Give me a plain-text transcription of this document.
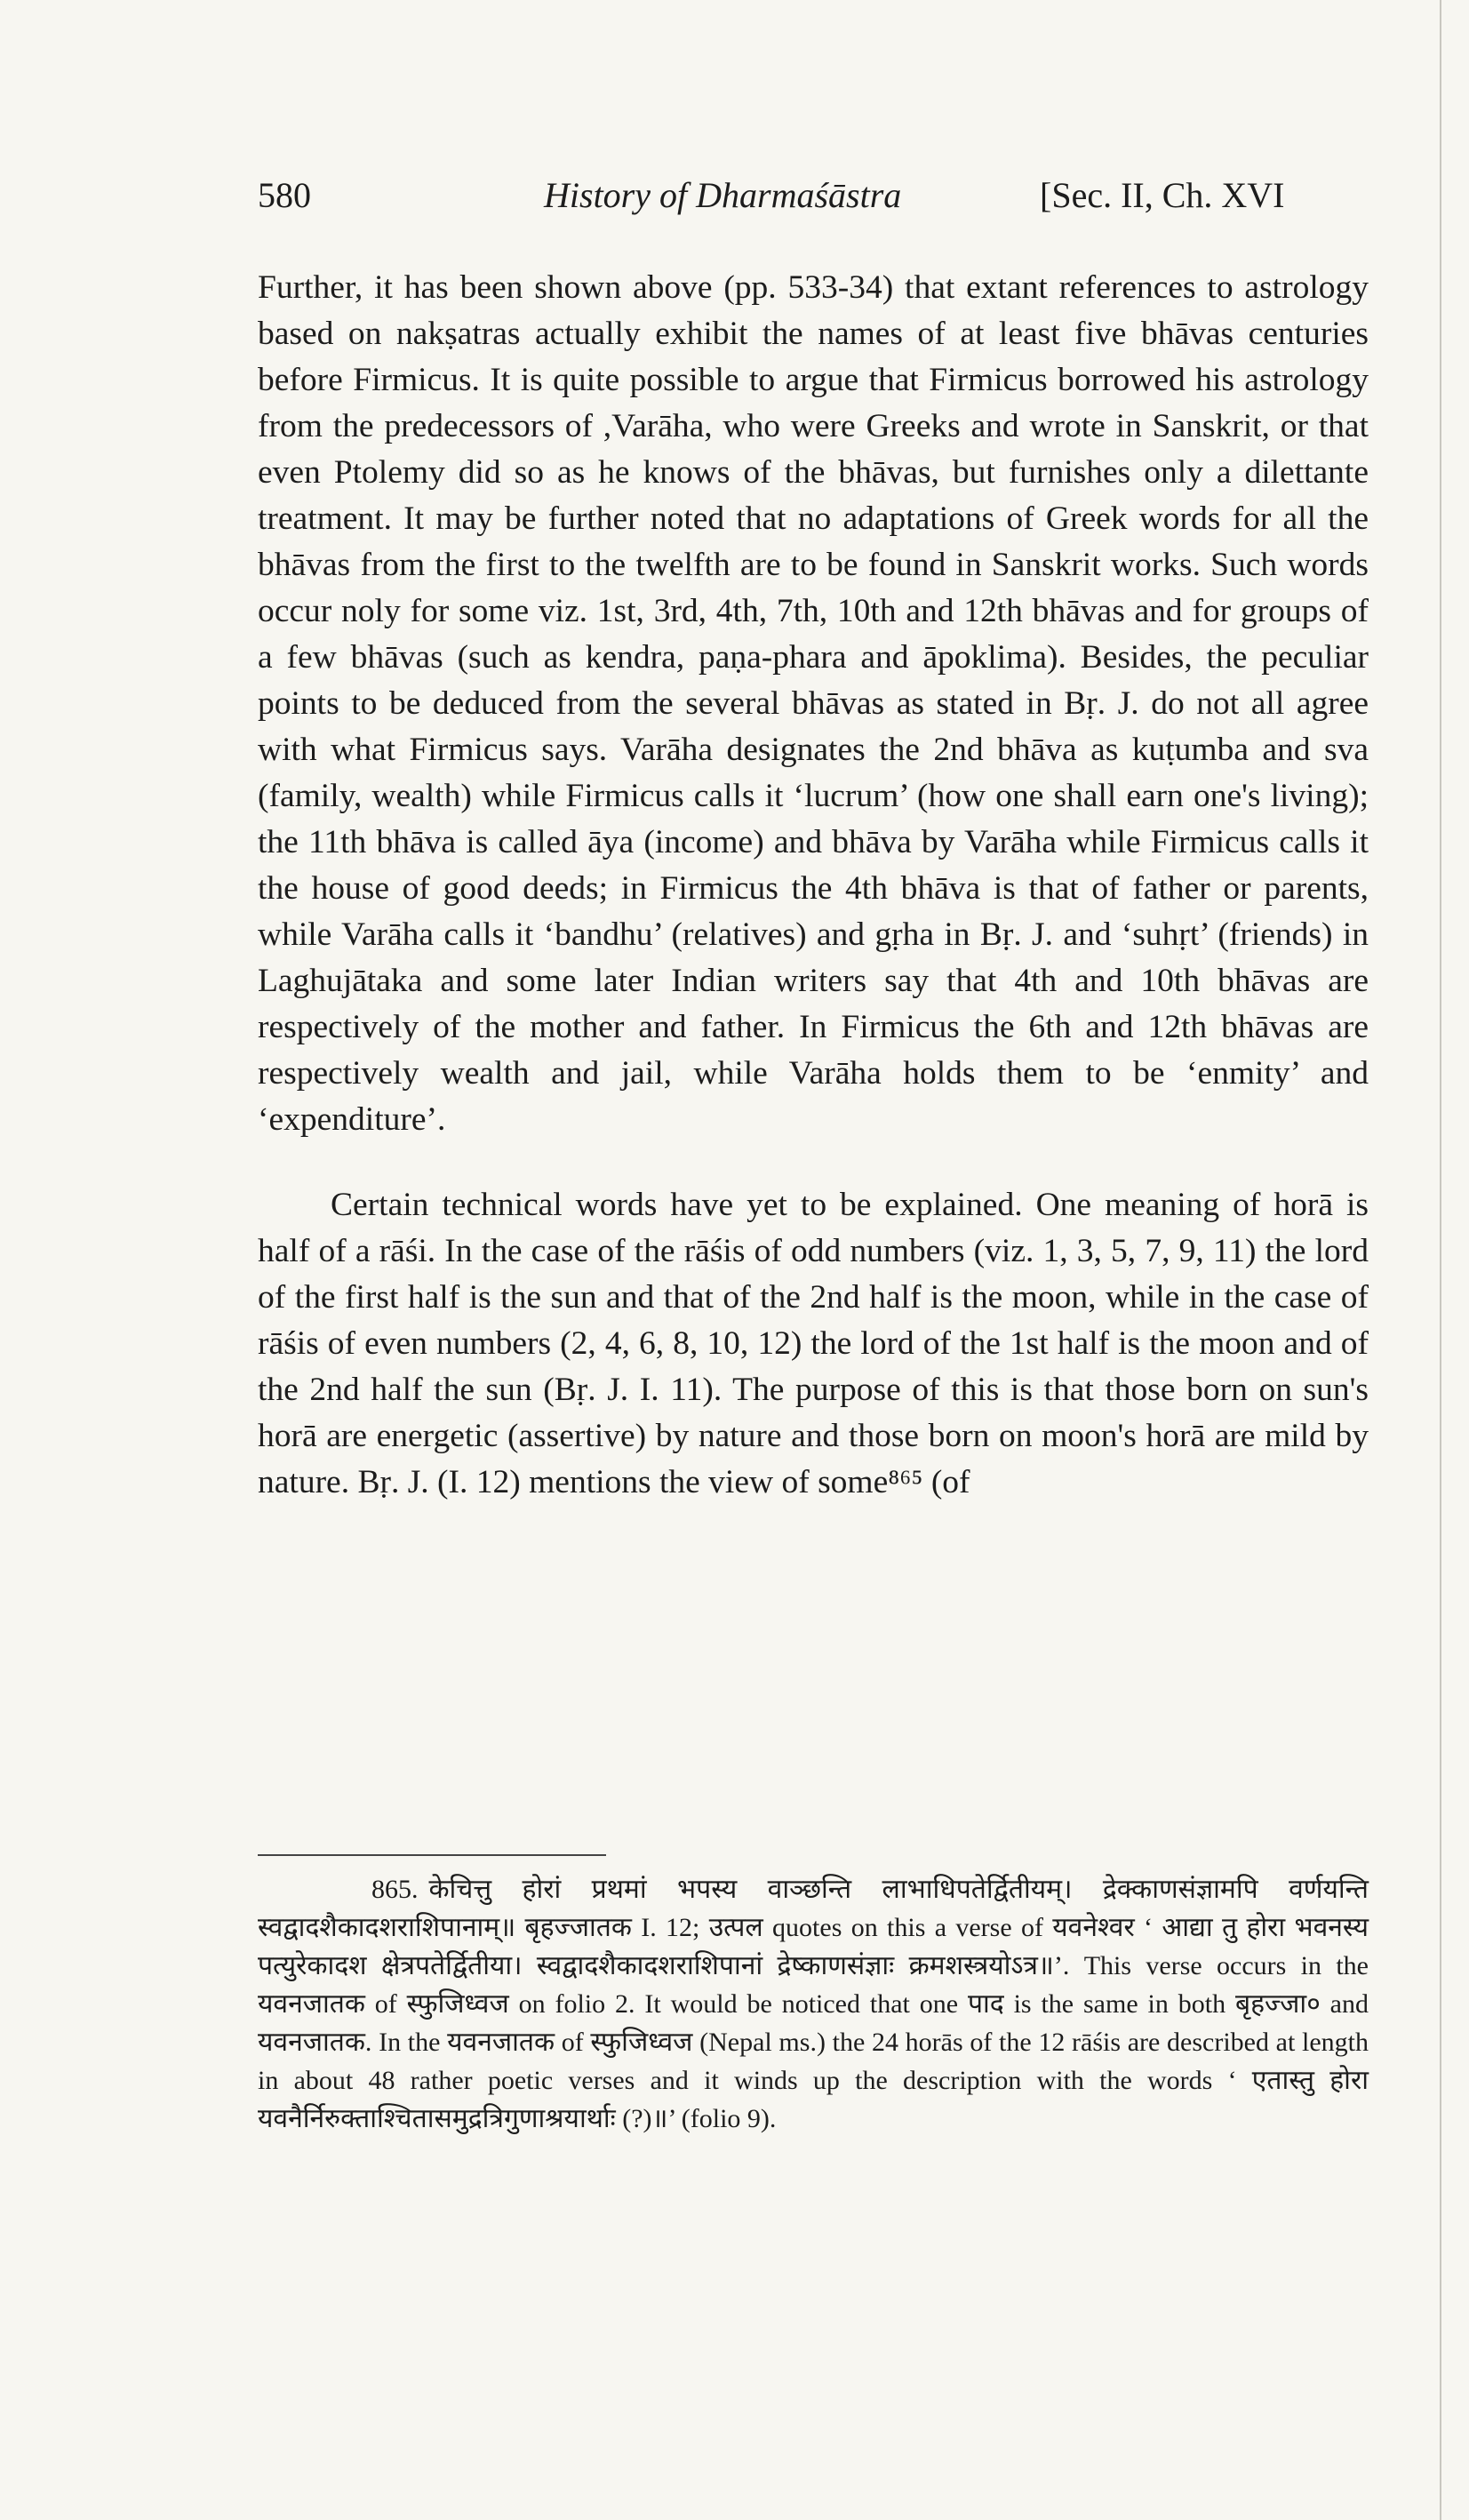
580	History of Dharmaśāstra	[Sec. II, Ch. XVI

Further, it has been shown above (pp. 533-34) that extant references to astrology based on nakṣatras actually exhibit the names of at least five bhāvas centuries before Firmicus. It is quite possible to argue that Firmicus borrowed his astrology from the predecessors of ,Varāha, who were Greeks and wrote in Sanskrit, or that even Ptolemy did so as he knows of the bhāvas, but furnishes only a dilettante treatment. It may be further noted that no adaptations of Greek words for all the bhāvas from the first to the twelfth are to be found in Sanskrit works. Such words occur noly for some viz. 1st, 3rd, 4th, 7th, 10th and 12th bhāvas and for groups of a few bhāvas (such as kendra, paṇa-phara and āpoklima). Besides, the peculiar points to be deduced from the several bhāvas as stated in Bṛ. J. do not all agree with what Firmicus says. Varāha designates the 2nd bhāva as kuṭumba and sva (family, wealth) while Firmicus calls it ‘lucrum’ (how one shall earn one's living); the 11th bhāva is called āya (income) and bhāva by Varāha while Firmicus calls it the house of good deeds; in Firmicus the 4th bhāva is that of father or parents, while Varāha calls it ‘bandhu’ (relatives) and gṛha in Bṛ. J. and ‘suhṛt’ (friends) in Laghujātaka and some later Indian writers say that 4th and 10th bhāvas are respectively of the mother and father. In Firmicus the 6th and 12th bhāvas are respectively wealth and jail, while Varāha holds them to be ‘enmity’ and ‘expenditure’.

Certain technical words have yet to be explained. One meaning of horā is half of a rāśi. In the case of the rāśis of odd numbers (viz. 1, 3, 5, 7, 9, 11) the lord of the first half is the sun and that of the 2nd half is the moon, while in the case of rāśis of even numbers (2, 4, 6, 8, 10, 12) the lord of the 1st half is the moon and of the 2nd half the sun (Bṛ. J. I. 11). The purpose of this is that those born on sun's horā are energetic (assertive) by nature and those born on moon's horā are mild by nature. Bṛ. J. (I. 12) mentions the view of some⁸⁶⁵ (of

865. केचित्तु होरां प्रथमां भपस्य वाञ्छन्ति लाभाधिपतेर्द्वितीयम्। द्रेक्काणसंज्ञामपि वर्णयन्ति स्वद्वादशैकादशराशिपानाम्॥ बृहज्जातक I. 12; उत्पल quotes on this a verse of यवनेश्वर ‘ आद्या तु होरा भवनस्य पत्युरेकादश क्षेत्रपतेर्द्वितीया। स्वद्वादशैकादशराशिपानां द्रेष्काणसंज्ञाः क्रमशस्त्रयोऽत्र॥’. This verse occurs in the यवनजातक of स्फुजिध्वज on folio 2. It would be noticed that one पाद is the same in both बृहज्जा० and यवनजातक. In the यवनजातक of स्फुजिध्वज (Nepal ms.) the 24 horās of the 12 rāśis are described at length in about 48 rather poetic verses and it winds up the description with the words ‘ एतास्तु होरा यवनैर्निरुक्ताश्चितासमुद्रत्रिगुणाश्रयार्थाः (?)॥’ (folio 9).
